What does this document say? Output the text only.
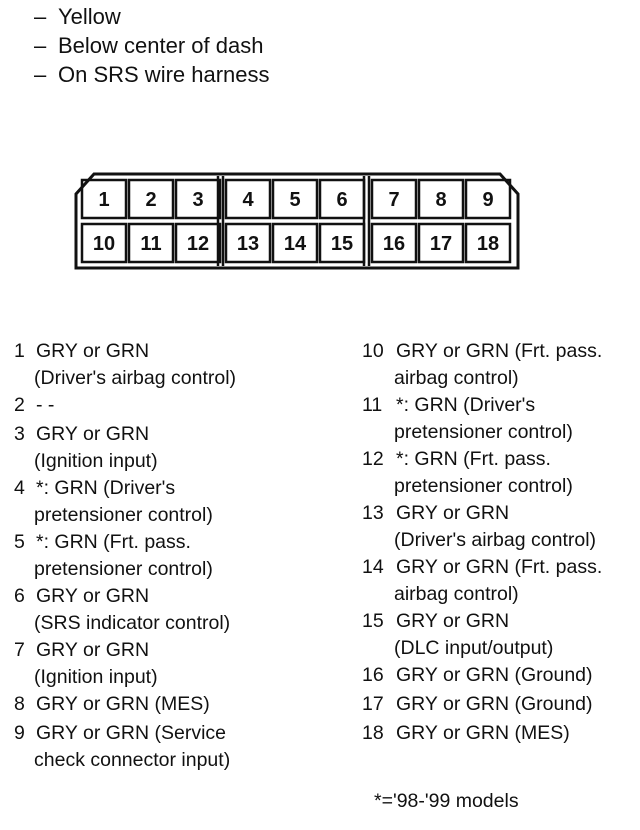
– Yellow
– Below center of dash
– On SRS wire harness
1 2 3 4 5 6 7 8 9
10 11 12 13 14 15 16 17 18
1 GRY or GRN
(Driver's airbag control)
2 - -
3 GRY or GRN
(Ignition input)
4 *: GRN (Driver's
pretensioner control)
5 *: GRN (Frt. pass.
pretensioner control)
6 GRY or GRN
(SRS indicator control)
7 GRY or GRN
(Ignition input)
8 GRY or GRN (MES)
9 GRY or GRN (Service
check connector input)
10 GRY or GRN (Frt. pass.
airbag control)
11 *: GRN (Driver's
pretensioner control)
12 *: GRN (Frt. pass.
pretensioner control)
13 GRY or GRN
(Driver's airbag control)
14 GRY or GRN (Frt. pass.
airbag control)
15 GRY or GRN
(DLC input/output)
16 GRY or GRN (Ground)
17 GRY or GRN (Ground)
18 GRY or GRN (MES)
*='98-'99 models
